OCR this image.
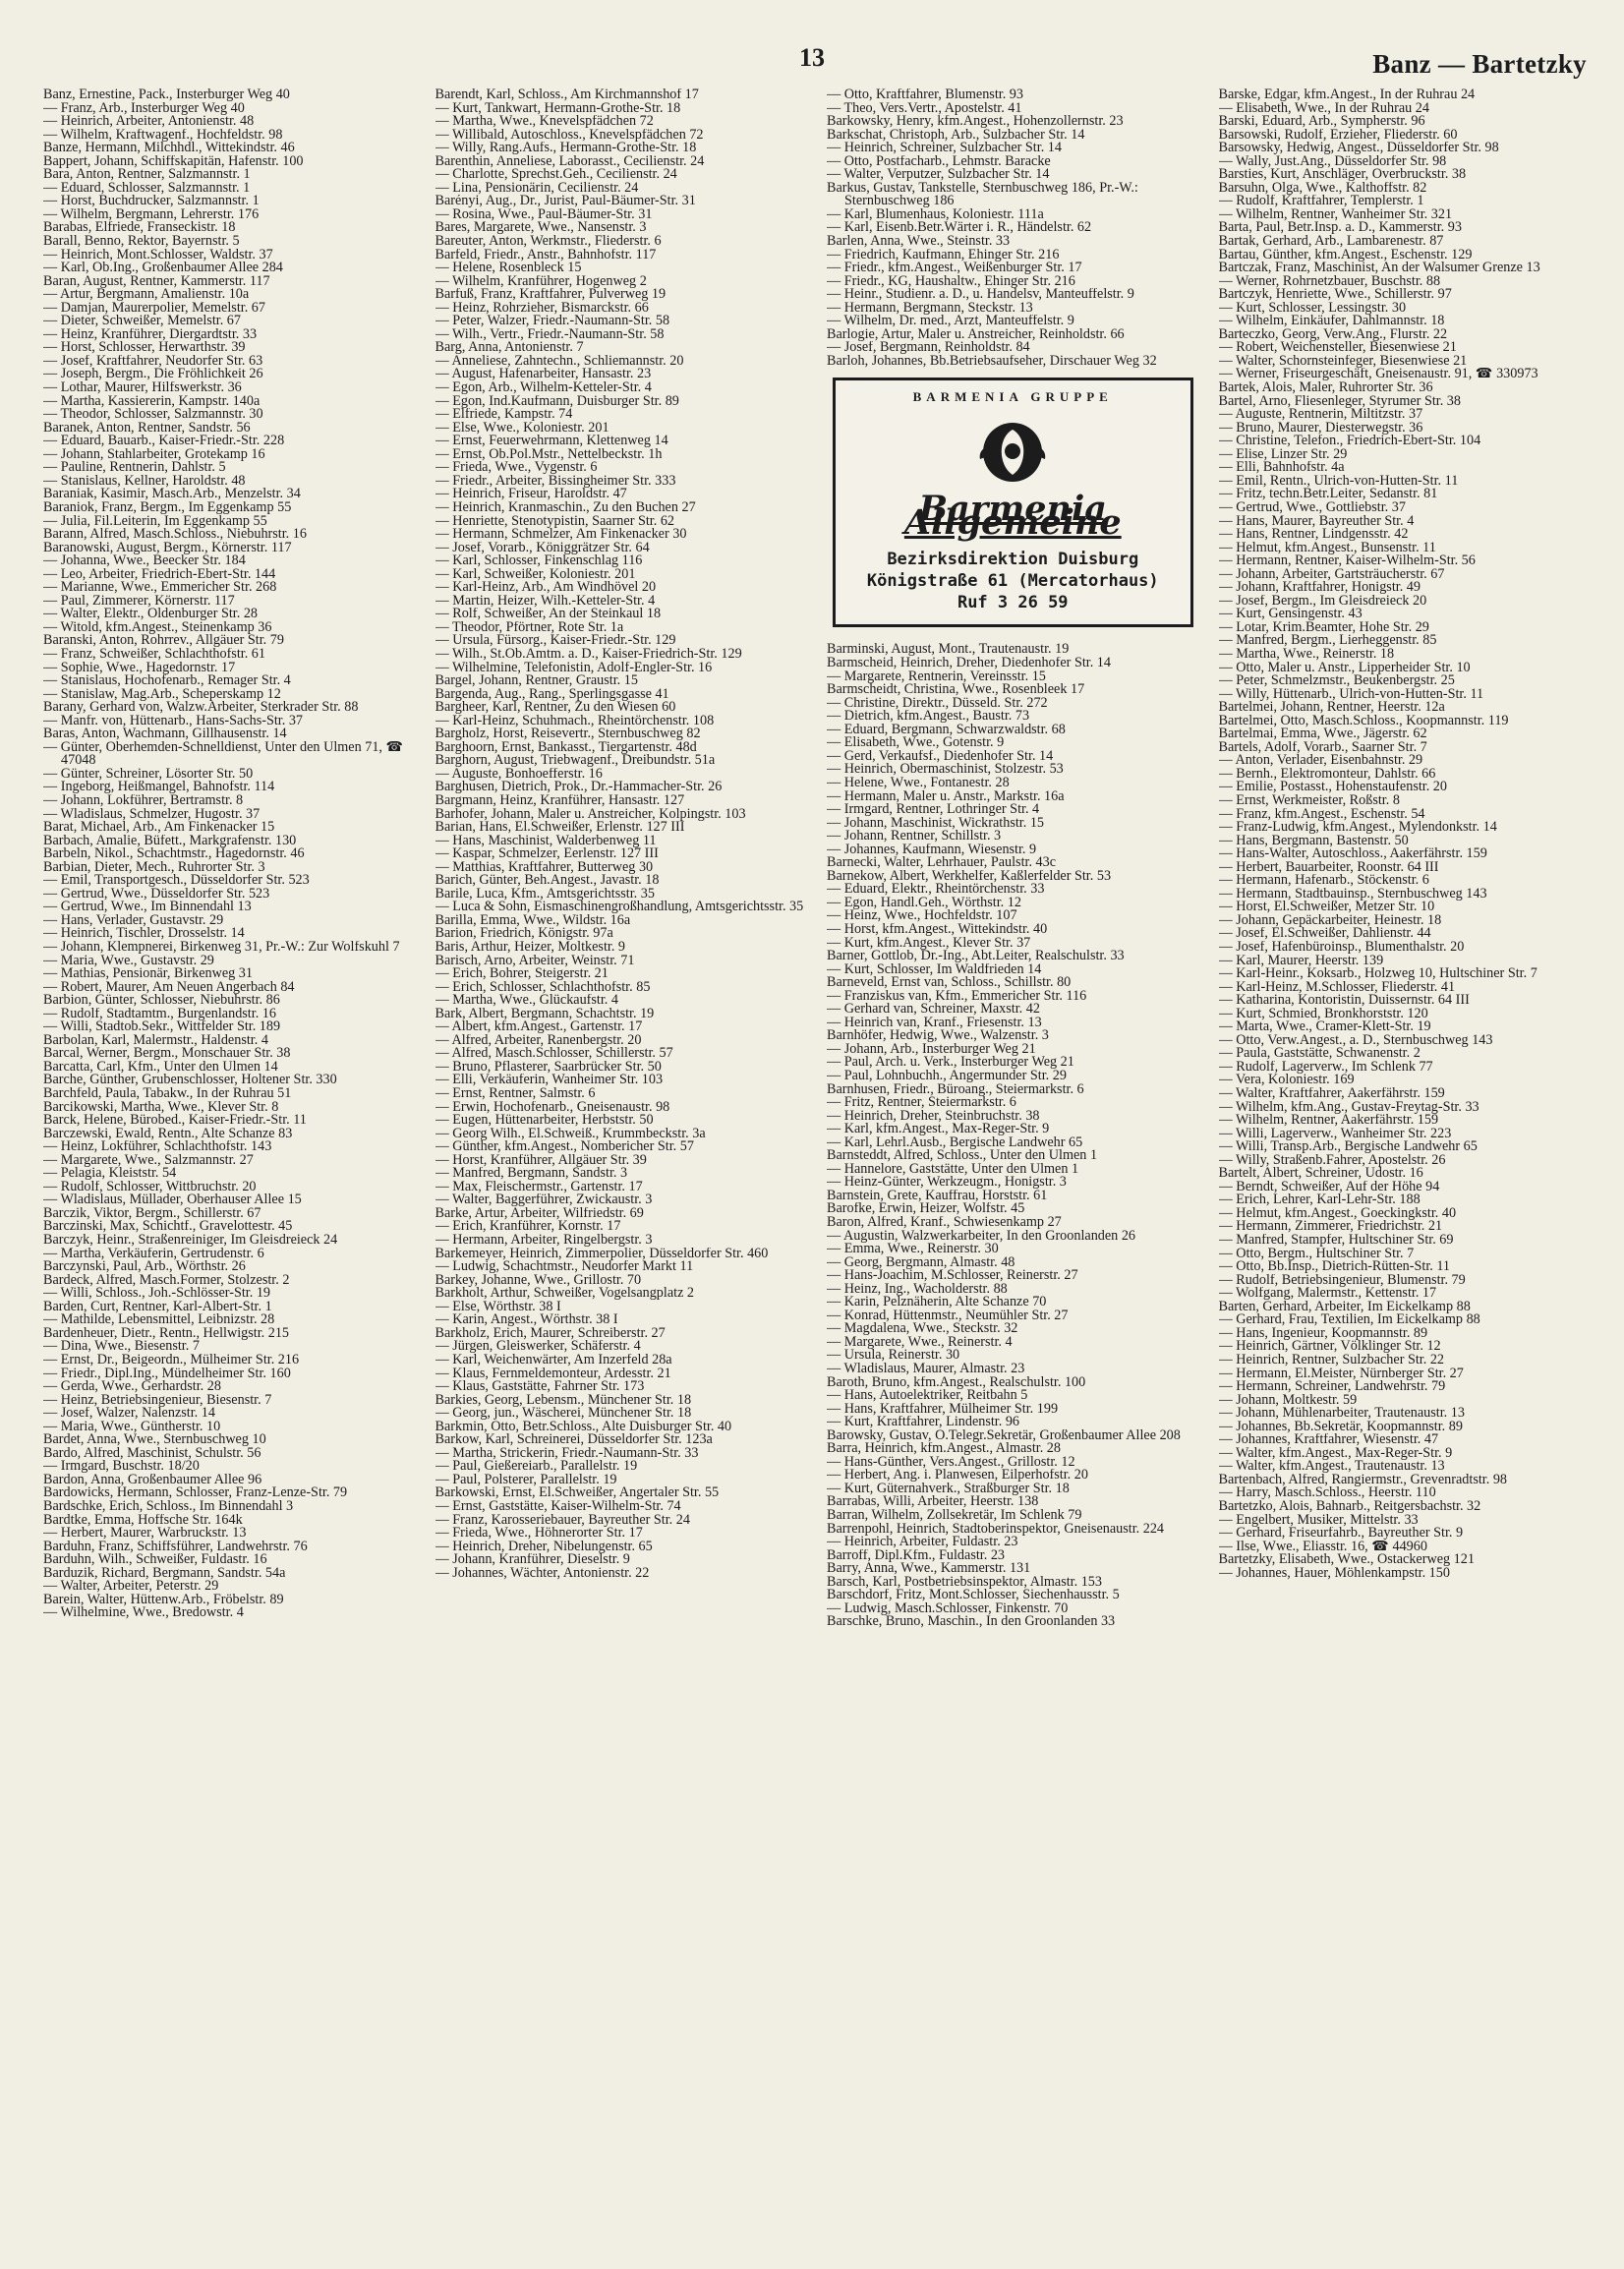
13	Banz — Bartetzky
Banz, Ernestine, Pack., Insterburger Weg 40
— Franz, Arb., Insterburger Weg 40
— Heinrich, Arbeiter, Antonienstr. 48
— Wilhelm, Kraftwagenf., Hochfeldstr. 98
Banze, Hermann, Milchhdl., Wittekindstr. 46
Bappert, Johann, Schiffskapitän, Hafenstr. 100
Bara, Anton, Rentner, Salzmannstr. 1
— Eduard, Schlosser, Salzmannstr. 1
— Horst, Buchdrucker, Salzmannstr. 1
— Wilhelm, Bergmann, Lehrerstr. 176
Barabas, Elfriede, Franseckistr. 18
Barall, Benno, Rektor, Bayernstr. 5
— Heinrich, Mont.Schlosser, Waldstr. 37
— Karl, Ob.Ing., Großenbaumer Allee 284
Baran, August, Rentner, Kammerstr. 117
— Artur, Bergmann, Amalienstr. 10a
— Damjan, Maurerpolier, Memelstr. 67
— Dieter, Schweißer, Memelstr. 67
— Heinz, Kranführer, Diergardtstr. 33
— Horst, Schlosser, Herwarthstr. 39
— Josef, Kraftfahrer, Neudorfer Str. 63
— Joseph, Bergm., Die Fröhlichkeit 26
— Lothar, Maurer, Hilfswerkstr. 36
— Martha, Kassiererin, Kampstr. 140a
— Theodor, Schlosser, Salzmannstr. 30
Baranek, Anton, Rentner, Sandstr. 56
— Eduard, Bauarb., Kaiser-Friedr.-Str. 228
— Johann, Stahlarbeiter, Grotekamp 16
— Pauline, Rentnerin, Dahlstr. 5
— Stanislaus, Kellner, Haroldstr. 48
Baraniak, Kasimir, Masch.Arb., Menzelstr. 34
Baraniok, Franz, Bergm., Im Eggenkamp 55
— Julia, Fil.Leiterin, Im Eggenkamp 55
Barann, Alfred, Masch.Schloss., Niebuhrstr. 16
Baranowski, August, Bergm., Körnerstr. 117
— Johanna, Wwe., Beecker Str. 184
— Leo, Arbeiter, Friedrich-Ebert-Str. 144
— Marianne, Wwe., Emmericher Str. 268
— Paul, Zimmerer, Körnerstr. 117
— Walter, Elektr., Oldenburger Str. 28
— Witold, kfm.Angest., Steinenkamp 36
Baranski, Anton, Rohrrev., Allgäuer Str. 79
— Franz, Schweißer, Schlachthofstr. 61
— Sophie, Wwe., Hagedornstr. 17
— Stanislaus, Hochofenarb., Remager Str. 4
— Stanislaw, Mag.Arb., Scheperskamp 12
Barany, Gerhard von, Walzw.Arbeiter, Sterkrader Str. 88
— Manfr. von, Hüttenarb., Hans-Sachs-Str. 37
Baras, Anton, Wachmann, Gillhausenstr. 14
— Günter, Oberhemden-Schnelldienst, Unter den Ulmen 71, ☎ 47048
— Günter, Schreiner, Lösorter Str. 50
— Ingeborg, Heißmangel, Bahnofstr. 114
— Johann, Lokführer, Bertramstr. 8
— Wladislaus, Schmelzer, Hugostr. 37
Barat, Michael, Arb., Am Finkenacker 15
Barbach, Amalie, Büfett., Markgrafenstr. 130
Barbeln, Nikol., Schachtmstr., Hagedornstr. 46
Barbian, Dieter, Mech., Ruhrorter Str. 3
— Emil, Transportgesch., Düsseldorfer Str. 523
— Gertrud, Wwe., Düsseldorfer Str. 523
— Gertrud, Wwe., Im Binnendahl 13
— Hans, Verlader, Gustavstr. 29
— Heinrich, Tischler, Drosselstr. 14
— Johann, Klempnerei, Birkenweg 31, Pr.-W.: Zur Wolfskuhl 7
— Maria, Wwe., Gustavstr. 29
— Mathias, Pensionär, Birkenweg 31
— Robert, Maurer, Am Neuen Angerbach 84
Barbion, Günter, Schlosser, Niebuhrstr. 86
— Rudolf, Stadtamtm., Burgenlandstr. 16
— Willi, Stadtob.Sekr., Wittfelder Str. 189
Barbolan, Karl, Malermstr., Haldenstr. 4
Barcal, Werner, Bergm., Monschauer Str. 38
Barcatta, Carl, Kfm., Unter den Ulmen 14
Barche, Günther, Grubenschlosser, Holtener Str. 330
Barchfeld, Paula, Tabakw., In der Ruhrau 51
Barcikowski, Martha, Wwe., Klever Str. 8
Barck, Helene, Bürobed., Kaiser-Friedr.-Str. 11
Barczewski, Ewald, Rentn., Alte Schanze 83
— Heinz, Lokführer, Schlachthofstr. 143
— Margarete, Wwe., Salzmannstr. 27
— Pelagia, Kleiststr. 54
— Rudolf, Schlosser, Wittbruchstr. 20
— Wladislaus, Müllader, Oberhauser Allee 15
Barczik, Viktor, Bergm., Schillerstr. 67
Barczinski, Max, Schichtf., Gravelottestr. 45
Barczyk, Heinr., Straßenreiniger, Im Gleisdreieck 24
— Martha, Verkäuferin, Gertrudenstr. 6
Barczynski, Paul, Arb., Wörthstr. 26
Bardeck, Alfred, Masch.Former, Stolzestr. 2
— Willi, Schloss., Joh.-Schlösser-Str. 19
Barden, Curt, Rentner, Karl-Albert-Str. 1
— Mathilde, Lebensmittel, Leibnizstr. 28
Bardenheuer, Dietr., Rentn., Hellwigstr. 215
— Dina, Wwe., Biesenstr. 7
— Ernst, Dr., Beigeordn., Mülheimer Str. 216
— Friedr., Dipl.Ing., Mündelheimer Str. 160
— Gerda, Wwe., Gerhardstr. 28
— Heinz, Betriebsingenieur, Biesenstr. 7
— Josef, Walzer, Nalenzstr. 14
— Maria, Wwe., Güntherstr. 10
Bardet, Anna, Wwe., Sternbuschweg 10
Bardo, Alfred, Maschinist, Schulstr. 56
— Irmgard, Buschstr. 18/20
Bardon, Anna, Großenbaumer Allee 96
Bardowicks, Hermann, Schlosser, Franz-Lenze-Str. 79
Bardschke, Erich, Schloss., Im Binnendahl 3
Bardtke, Emma, Hoffsche Str. 164k
— Herbert, Maurer, Warbruckstr. 13
Barduhn, Franz, Schiffsführer, Landwehrstr. 76
Barduhn, Wilh., Schweißer, Fuldastr. 16
Barduzik, Richard, Bergmann, Sandstr. 54a
— Walter, Arbeiter, Peterstr. 29
Barein, Walter, Hüttenw.Arb., Fröbelstr. 89
— Wilhelmine, Wwe., Bredowstr. 4
Barendt, Karl, Schloss., Am Kirchmannshof 17
— Kurt, Tankwart, Hermann-Grothe-Str. 18
— Martha, Wwe., Knevelspfädchen 72
— Willibald, Autoschloss., Knevelspfädchen 72
— Willy, Rang.Aufs., Hermann-Grothe-Str. 18
Barenthin, Anneliese, Laborasst., Cecilienstr. 24
— Charlotte, Sprechst.Geh., Cecilienstr. 24
— Lina, Pensionärin, Cecilienstr. 24
Barényi, Aug., Dr., Jurist, Paul-Bäumer-Str. 31
— Rosina, Wwe., Paul-Bäumer-Str. 31
Bares, Margarete, Wwe., Nansenstr. 3
Bareuter, Anton, Werkmstr., Fliederstr. 6
Barfeld, Friedr., Anstr., Bahnhofstr. 117
— Helene, Rosenbleck 15
— Wilhelm, Kranführer, Hogenweg 2
Barfuß, Franz, Kraftfahrer, Pulverweg 19
— Heinz, Rohrzieher, Bismarckstr. 66
— Peter, Walzer, Friedr.-Naumann-Str. 58
— Wilh., Vertr., Friedr.-Naumann-Str. 58
Barg, Anna, Antonienstr. 7
— Anneliese, Zahntechn., Schliemannstr. 20
— August, Hafenarbeiter, Hansastr. 23
— Egon, Arb., Wilhelm-Ketteler-Str. 4
— Egon, Ind.Kaufmann, Duisburger Str. 89
— Elfriede, Kampstr. 74
— Else, Wwe., Koloniestr. 201
— Ernst, Feuerwehrmann, Klettenweg 14
— Ernst, Ob.Pol.Mstr., Nettelbeckstr. 1h
— Frieda, Wwe., Vygenstr. 6
— Friedr., Arbeiter, Bissingheimer Str. 333
— Heinrich, Friseur, Haroldstr. 47
— Heinrich, Kranmaschin., Zu den Buchen 27
— Henriette, Stenotypistin, Saarner Str. 62
— Hermann, Schmelzer, Am Finkenacker 30
— Josef, Vorarb., Königgrätzer Str. 64
— Karl, Schlosser, Finkenschlag 116
— Karl, Schweißer, Koloniestr. 201
— Karl-Heinz, Arb., Am Windhövel 20
— Martin, Heizer, Wilh.-Ketteler-Str. 4
— Rolf, Schweißer, An der Steinkaul 18
— Theodor, Pförtner, Rote Str. 1a
— Ursula, Fürsorg., Kaiser-Friedr.-Str. 129
— Wilh., St.Ob.Amtm. a. D., Kaiser-Friedrich-Str. 129
— Wilhelmine, Telefonistin, Adolf-Engler-Str. 16
Bargel, Johann, Rentner, Graustr. 15
Bargenda, Aug., Rang., Sperlingsgasse 41
Bargheer, Karl, Rentner, Zu den Wiesen 60
— Karl-Heinz, Schuhmach., Rheintörchenstr. 108
Bargholz, Horst, Reisevertr., Sternbuschweg 82
Barghoorn, Ernst, Bankasst., Tiergartenstr. 48d
Barghorn, August, Triebwagenf., Dreibundstr. 51a
— Auguste, Bonhoefferstr. 16
Barghusen, Dietrich, Prok., Dr.-Hammacher-Str. 26
Bargmann, Heinz, Kranführer, Hansastr. 127
Barhofer, Johann, Maler u. Anstreicher, Kolpingstr. 103
Barian, Hans, El.Schweißer, Erlenstr. 127 III
— Hans, Maschinist, Walderbenweg 11
— Kaspar, Schmelzer, Eerlenstr. 127 III
— Matthias, Kraftfahrer, Butterweg 30
Barich, Günter, Beh.Angest., Javastr. 18
Barile, Luca, Kfm., Amtsgerichtsstr. 35
— Luca & Sohn, Eismaschinengroßhandlung, Amtsgerichtsstr. 35
Barilla, Emma, Wwe., Wildstr. 16a
Barion, Friedrich, Königstr. 97a
Baris, Arthur, Heizer, Moltkestr. 9
Barisch, Arno, Arbeiter, Weinstr. 71
— Erich, Bohrer, Steigerstr. 21
— Erich, Schlosser, Schlachthofstr. 85
— Martha, Wwe., Glückaufstr. 4
Bark, Albert, Bergmann, Schachtstr. 19
— Albert, kfm.Angest., Gartenstr. 17
— Alfred, Arbeiter, Ranenbergstr. 20
— Alfred, Masch.Schlosser, Schillerstr. 57
— Bruno, Pflasterer, Saarbrücker Str. 50
— Elli, Verkäuferin, Wanheimer Str. 103
— Ernst, Rentner, Salmstr. 6
— Erwin, Hochofenarb., Gneisenaustr. 98
— Eugen, Hüttenarbeiter, Herbststr. 50
— Georg Wilh., El.Schweiß., Krummbeckstr. 3a
— Günther, kfm.Angest., Nombericher Str. 57
— Horst, Kranführer, Allgäuer Str. 39
— Manfred, Bergmann, Sandstr. 3
— Max, Fleischermstr., Gartenstr. 17
— Walter, Baggerführer, Zwickaustr. 3
Barke, Artur, Arbeiter, Wilfriedstr. 69
— Erich, Kranführer, Kornstr. 17
— Hermann, Arbeiter, Ringelbergstr. 3
Barkemeyer, Heinrich, Zimmerpolier, Düsseldorfer Str. 460
— Ludwig, Schachtmstr., Neudorfer Markt 11
Barkey, Johanne, Wwe., Grillostr. 70
Barkholt, Arthur, Schweißer, Vogelsangplatz 2
— Else, Wörthstr. 38 I
— Karin, Angest., Wörthstr. 38 I
Barkholz, Erich, Maurer, Schreiberstr. 27
— Jürgen, Gleiswerker, Schäferstr. 4
— Karl, Weichenwärter, Am Inzerfeld 28a
— Klaus, Fernmeldemonteur, Ardesstr. 21
— Klaus, Gaststätte, Fahrner Str. 173
Barkies, Georg, Lebensm., Münchener Str. 18
— Georg, jun., Wäscherei, Münchener Str. 18
Barkmin, Otto, Betr.Schloss., Alte Duisburger Str. 40
Barkow, Karl, Schreinerei, Düsseldorfer Str. 123a
— Martha, Strickerin, Friedr.-Naumann-Str. 33
— Paul, Gießereiarb., Parallelstr. 19
— Paul, Polsterer, Parallelstr. 19
Barkowski, Ernst, El.Schweißer, Angertaler Str. 55
— Ernst, Gaststätte, Kaiser-Wilhelm-Str. 74
— Franz, Karosseriebauer, Bayreuther Str. 24
— Frieda, Wwe., Höhnerorter Str. 17
— Heinrich, Dreher, Nibelungenstr. 65
— Johann, Kranführer, Dieselstr. 9
— Johannes, Wächter, Antonienstr. 22
— Otto, Kraftfahrer, Blumenstr. 93
— Theo, Vers.Vertr., Apostelstr. 41
Barkowsky, Henry, kfm.Angest., Hohenzollernstr. 23
Barkschat, Christoph, Arb., Sulzbacher Str. 14
— Heinrich, Schreiner, Sulzbacher Str. 14
— Otto, Postfacharb., Lehmstr. Baracke
— Walter, Verputzer, Sulzbacher Str. 14
Barkus, Gustav, Tankstelle, Sternbuschweg 186, Pr.-W.: Sternbuschweg 186
— Karl, Blumenhaus, Koloniestr. 111a
— Karl, Eisenb.Betr.Wärter i. R., Händelstr. 62
Barlen, Anna, Wwe., Steinstr. 33
— Friedrich, Kaufmann, Ehinger Str. 216
— Friedr., kfm.Angest., Weißenburger Str. 17
— Friedr., KG, Haushaltw., Ehinger Str. 216
— Heinr., Studienr. a. D., u. Handelsv, Manteuffelstr. 9
— Hermann, Bergmann, Steckstr. 13
— Wilhelm, Dr. med., Arzt, Manteuffelstr. 9
Barlogie, Artur, Maler u. Anstreicher, Reinholdstr. 66
— Josef, Bergmann, Reinholdstr. 84
Barloh, Johannes, Bb.Betriebsaufseher, Dirschauer Weg 32
BARMENIA GRUPPE
Barmenia Allgemeine
Bezirksdirektion Duisburg
Königstraße 61 (Mercatorhaus)
Ruf 3 26 59
Barminski, August, Mont., Trautenaustr. 19
Barmscheid, Heinrich, Dreher, Diedenhofer Str. 14
— Margarete, Rentnerin, Vereinsstr. 15
Barmscheidt, Christina, Wwe., Rosenbleek 17
— Christine, Direktr., Düsseld. Str. 272
— Dietrich, kfm.Angest., Baustr. 73
— Eduard, Bergmann, Schwarzwaldstr. 68
— Elisabeth, Wwe., Gotenstr. 9
— Gerd, Verkaufsf., Diedenhofer Str. 14
— Heinrich, Obermaschinist, Stolzestr. 53
— Helene, Wwe., Fontanestr. 28
— Hermann, Maler u. Anstr., Markstr. 16a
— Irmgard, Rentner, Lothringer Str. 4
— Johann, Maschinist, Wickrathstr. 15
— Johann, Rentner, Schillstr. 3
— Johannes, Kaufmann, Wiesenstr. 9
Barnecki, Walter, Lehrhauer, Paulstr. 43c
Barnekow, Albert, Werkhelfer, Kaßlerfelder Str. 53
— Eduard, Elektr., Rheintörchenstr. 33
— Egon, Handl.Geh., Wörthstr. 12
— Heinz, Wwe., Hochfeldstr. 107
— Horst, kfm.Angest., Wittekindstr. 40
— Kurt, kfm.Angest., Klever Str. 37
Barner, Gottlob, Dr.-Ing., Abt.Leiter, Realschulstr. 33
— Kurt, Schlosser, Im Waldfrieden 14
Barneveld, Ernst van, Schloss., Schillstr. 80
— Franziskus van, Kfm., Emmericher Str. 116
— Gerhard van, Schreiner, Maxstr. 42
— Heinrich van, Kranf., Friesenstr. 13
Barnhöfer, Hedwig, Wwe., Walzenstr. 3
— Johann, Arb., Insterburger Weg 21
— Paul, Arch. u. Verk., Insterburger Weg 21
— Paul, Lohnbuchh., Angermunder Str. 29
Barnhusen, Friedr., Büroang., Steiermarkstr. 6
— Fritz, Rentner, Steiermarkstr. 6
— Heinrich, Dreher, Steinbruchstr. 38
— Karl, kfm.Angest., Max-Reger-Str. 9
— Karl, Lehrl.Ausb., Bergische Landwehr 65
Barnsteddt, Alfred, Schloss., Unter den Ulmen 1
— Hannelore, Gaststätte, Unter den Ulmen 1
— Heinz-Günter, Werkzeugm., Honigstr. 3
Barnstein, Grete, Kauffrau, Horststr. 61
Barofke, Erwin, Heizer, Wolfstr. 45
Baron, Alfred, Kranf., Schwiesenkamp 27
— Augustin, Walzwerkarbeiter, In den Groonlanden 26
— Emma, Wwe., Reinerstr. 30
— Georg, Bergmann, Almastr. 48
— Hans-Joachim, M.Schlosser, Reinerstr. 27
— Heinz, Ing., Wacholderstr. 88
— Karin, Pelznäherin, Alte Schanze 70
— Konrad, Hüttenmstr., Neumühler Str. 27
— Magdalena, Wwe., Steckstr. 32
— Margarete, Wwe., Reinerstr. 4
— Ursula, Reinerstr. 30
— Wladislaus, Maurer, Almastr. 23
Baroth, Bruno, kfm.Angest., Realschulstr. 100
— Hans, Autoelektriker, Reitbahn 5
— Hans, Kraftfahrer, Mülheimer Str. 199
— Kurt, Kraftfahrer, Lindenstr. 96
Barowsky, Gustav, O.Telegr.Sekretär, Großenbaumer Allee 208
Barra, Heinrich, kfm.Angest., Almastr. 28
— Hans-Günther, Vers.Angest., Grillostr. 12
— Herbert, Ang. i. Planwesen, Eilperhofstr. 20
— Kurt, Güternahverk., Straßburger Str. 18
Barrabas, Willi, Arbeiter, Heerstr. 138
Barran, Wilhelm, Zollsekretär, Im Schlenk 79
Barrenpohl, Heinrich, Stadtoberinspektor, Gneisenaustr. 224
— Heinrich, Arbeiter, Fuldastr. 23
Barroff, Dipl.Kfm., Fuldastr. 23
Barry, Anna, Wwe., Kammerstr. 131
Barsch, Karl, Postbetriebsinspektor, Almastr. 153
Barschdorf, Fritz, Mont.Schlosser, Siechenhausstr. 5
— Ludwig, Masch.Schlosser, Finkenstr. 70
Barschke, Bruno, Maschin., In den Groonlanden 33
Barske, Edgar, kfm.Angest., In der Ruhrau 24
— Elisabeth, Wwe., In der Ruhrau 24
Barski, Eduard, Arb., Sympherstr. 96
Barsowski, Rudolf, Erzieher, Fliederstr. 60
Barsowsky, Hedwig, Angest., Düsseldorfer Str. 98
— Wally, Just.Ang., Düsseldorfer Str. 98
Barsties, Kurt, Anschläger, Overbruckstr. 38
Barsuhn, Olga, Wwe., Kalthoffstr. 82
— Rudolf, Kraftfahrer, Templerstr. 1
— Wilhelm, Rentner, Wanheimer Str. 321
Barta, Paul, Betr.Insp. a. D., Kammerstr. 93
Bartak, Gerhard, Arb., Lambarenestr. 87
Bartau, Günther, kfm.Angest., Eschenstr. 129
Bartczak, Franz, Maschinist, An der Walsumer Grenze 13
— Werner, Rohrnetzbauer, Buschstr. 88
Bartczyk, Henriette, Wwe., Schillerstr. 97
— Kurt, Schlosser, Lessingstr. 30
— Wilhelm, Einkäufer, Dahlmannstr. 18
Barteczko, Georg, Verw.Ang., Flurstr. 22
— Robert, Weichensteller, Biesenwiese 21
— Walter, Schornsteinfeger, Biesenwiese 21
— Werner, Friseurgeschäft, Gneisenaustr. 91, ☎ 330973
Bartek, Alois, Maler, Ruhrorter Str. 36
Bartel, Arno, Fliesenleger, Styrumer Str. 38
— Auguste, Rentnerin, Miltitzstr. 37
— Bruno, Maurer, Diesterwegstr. 36
— Christine, Telefon., Friedrich-Ebert-Str. 104
— Elise, Linzer Str. 29
— Elli, Bahnhofstr. 4a
— Emil, Rentn., Ulrich-von-Hutten-Str. 11
— Fritz, techn.Betr.Leiter, Sedanstr. 81
— Gertrud, Wwe., Gottliebstr. 37
— Hans, Maurer, Bayreuther Str. 4
— Hans, Rentner, Lindgensstr. 42
— Helmut, kfm.Angest., Bunsenstr. 11
— Hermann, Rentner, Kaiser-Wilhelm-Str. 56
— Johann, Arbeiter, Gartsträucherstr. 67
— Johann, Kraftfahrer, Honigstr. 49
— Josef, Bergm., Im Gleisdreieck 20
— Kurt, Gensingenstr. 43
— Lotar, Krim.Beamter, Hohe Str. 29
— Manfred, Bergm., Lierheggenstr. 85
— Martha, Wwe., Reinerstr. 18
— Otto, Maler u. Anstr., Lipperheider Str. 10
— Peter, Schmelzmstr., Beukenbergstr. 25
— Willy, Hüttenarb., Ulrich-von-Hutten-Str. 11
Bartelmei, Johann, Rentner, Heerstr. 12a
Bartelmei, Otto, Masch.Schloss., Koopmannstr. 119
Bartelmai, Emma, Wwe., Jägerstr. 62
Bartels, Adolf, Vorarb., Saarner Str. 7
— Anton, Verlader, Eisenbahnstr. 29
— Bernh., Elektromonteur, Dahlstr. 66
— Emilie, Postasst., Hohenstaufenstr. 20
— Ernst, Werkmeister, Roßstr. 8
— Franz, kfm.Angest., Eschenstr. 54
— Franz-Ludwig, kfm.Angest., Mylendonkstr. 14
— Hans, Bergmann, Bastenstr. 50
— Hans-Walter, Autoschloss., Aakerfährstr. 159
— Herbert, Bauarbeiter, Roonstr. 64 III
— Hermann, Hafenarb., Stöckenstr. 6
— Hermann, Stadtbauinsp., Sternbuschweg 143
— Horst, El.Schweißer, Metzer Str. 10
— Johann, Gepäckarbeiter, Heinestr. 18
— Josef, El.Schweißer, Dahlienstr. 44
— Josef, Hafenbüroinsp., Blumenthalstr. 20
— Karl, Maurer, Heerstr. 139
— Karl-Heinr., Koksarb., Holzweg 10, Hultschiner Str. 7
— Karl-Heinz, M.Schlosser, Fliederstr. 41
— Katharina, Kontoristin, Duissernstr. 64 III
— Kurt, Schmied, Bronkhorststr. 120
— Marta, Wwe., Cramer-Klett-Str. 19
— Otto, Verw.Angest., a. D., Sternbuschweg 143
— Paula, Gaststätte, Schwanenstr. 2
— Rudolf, Lagerverw., Im Schlenk 77
— Vera, Koloniestr. 169
— Walter, Kraftfahrer, Aakerfährstr. 159
— Wilhelm, kfm.Ang., Gustav-Freytag-Str. 33
— Wilhelm, Rentner, Aakerfährstr. 159
— Willi, Lagerverw., Wanheimer Str. 223
— Willi, Transp.Arb., Bergische Landwehr 65
— Willy, Straßenb.Fahrer, Apostelstr. 26
Bartelt, Albert, Schreiner, Udostr. 16
— Berndt, Schweißer, Auf der Höhe 94
— Erich, Lehrer, Karl-Lehr-Str. 188
— Helmut, kfm.Angest., Goeckingkstr. 40
— Hermann, Zimmerer, Friedrichstr. 21
— Manfred, Stampfer, Hultschiner Str. 69
— Otto, Bergm., Hultschiner Str. 7
— Otto, Bb.Insp., Dietrich-Rütten-Str. 11
— Rudolf, Betriebsingenieur, Blumenstr. 79
— Wolfgang, Malermstr., Kettenstr. 17
Barten, Gerhard, Arbeiter, Im Eickelkamp 88
— Gerhard, Frau, Textilien, Im Eickelkamp 88
— Hans, Ingenieur, Koopmannstr. 89
— Heinrich, Gärtner, Völklinger Str. 12
— Heinrich, Rentner, Sulzbacher Str. 22
— Hermann, El.Meister, Nürnberger Str. 27
— Hermann, Schreiner, Landwehrstr. 79
— Johann, Moltkestr. 59
— Johann, Mühlenarbeiter, Trautenaustr. 13
— Johannes, Bb.Sekretär, Koopmannstr. 89
— Johannes, Kraftfahrer, Wiesenstr. 47
— Walter, kfm.Angest., Max-Reger-Str. 9
— Walter, kfm.Angest., Trautenaustr. 13
Bartenbach, Alfred, Rangiermstr., Grevenradtstr. 98
— Harry, Masch.Schloss., Heerstr. 110
Bartetzko, Alois, Bahnarb., Reitgersbachstr. 32
— Engelbert, Musiker, Mittelstr. 33
— Gerhard, Friseurfahrb., Bayreuther Str. 9
— Ilse, Wwe., Eliasstr. 16, ☎ 44960
Bartetzky, Elisabeth, Wwe., Ostackerweg 121
— Johannes, Hauer, Möhlenkampstr. 150
